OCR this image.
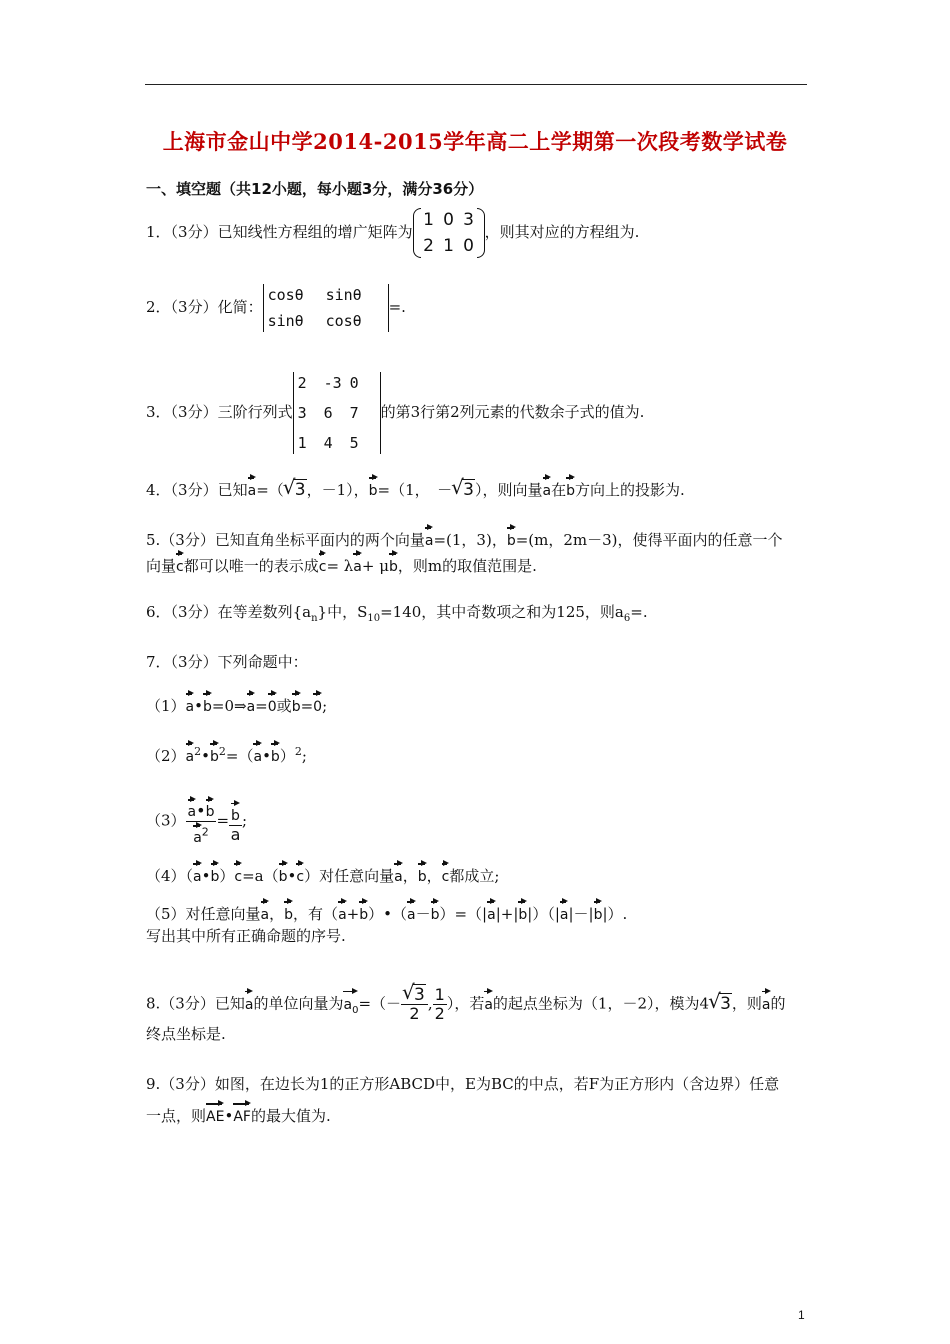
上海市金山中学2014-2015学年高二上学期第一次段考数学试卷
一、填空题（共12小题，每小题3分，满分36分）
1．（3分）已知线性方程组的增广矩阵为
1 0 3
2 1 0
，则其对应的方程组为.
2．（3分）化简：
cosθ	sinθ
sinθ	cosθ
=.
3．（3分）三阶行列式
2	-3 0
3	6	7
1	4	5
的第3行第2列元素的代数余子式的值为.
4．（3分）已知a=（ √ 3，－1），b=（1，　－ √ 3），则向量a在b方向上的投影为.
5.（3分）已知直角坐标平面内的两个向量a=(1，3)，b=(m，2m－3)，使得平面内的任意一个
向量c都可以唯一的表示成c= λa+ μb，则m的取值范围是.
6．（3分）在等差数列$\{a_n\}$中，$S_{10}=140$，其中奇数项之和为125，则$a_6=$.
7．（3分）下列命题中：
（1）a•b=0⇒a=0或b=0;
$(2)a^2•b^2=(a•b)^2$;
$(3) \frac{a•b}{a^2} = \frac{b}{a}$ ;
（4）（a•b）c=a（b•c）对任意向量a，b，c都成立;
（5）对任意向量a，b，有（a+b）•（a－b）=（|a|+|b|）（|a|－|b|）.
写出其中所有正确命题的序号.
8.（3分）已知a的单位向量为$a_0=(-$ √ $\frac{3}{2}$ , $\frac{1}{2}$ ），若a的起点坐标为（1，－2），模为4 √ 3，则a的
终点坐标是.
9.（3分）如图，在边长为1的正方形ABCD中，E为BC的中点，若F为正方形内（含边界）任意
一点，则AE•AF的最大值为.
1
